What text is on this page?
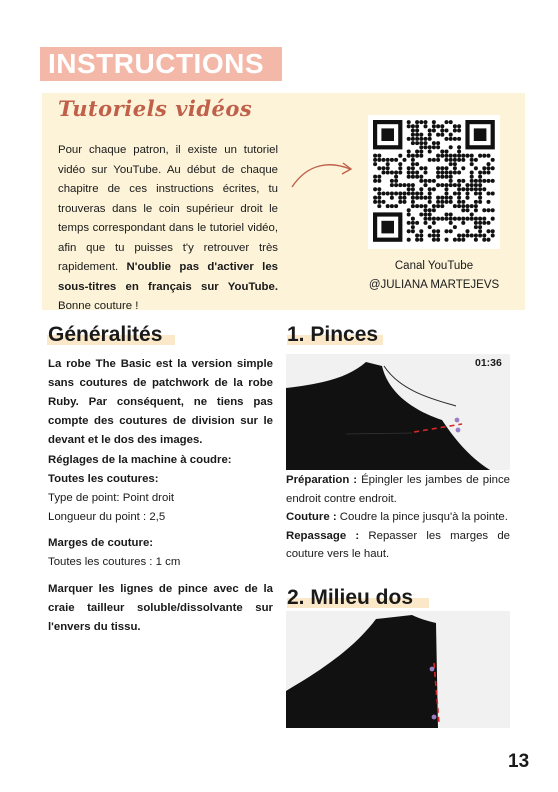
INSTRUCTIONS
Tutoriels vidéos

Pour chaque patron, il existe un tutoriel vidéo sur YouTube. Au début de chaque chapitre de ces instructions écrites, tu trouveras dans le coin supérieur droit le temps correspondant dans le tutoriel vidéo, afin que tu puisses t'y retrouver très rapidement. N'oublie pas d'activer les sous-titres en français sur YouTube. Bonne couture !

Canal YouTube

@JULIANA MARTEJEVS

Généralités

La robe The Basic est la version simple sans coutures de patchwork de la robe Ruby. Par conséquent, ne tiens pas compte des coutures de division sur le devant et le dos des images.

Réglages de la machine à coudre:

Toutes les coutures:

Type de point: Point droit

Longueur du point : 2,5

Marges de couture:

Toutes les coutures : 1 cm

Marquer les lignes de pince avec de la craie tailleur soluble/dissolvante sur l'envers du tissu.

1. Pinces

01:36

Préparation : Épingler les jambes de pince endroit contre endroit.

Couture : Coudre la pince jusqu'à la pointe.

Repassage : Repasser les marges de couture vers le haut.

2. Milieu dos

13
